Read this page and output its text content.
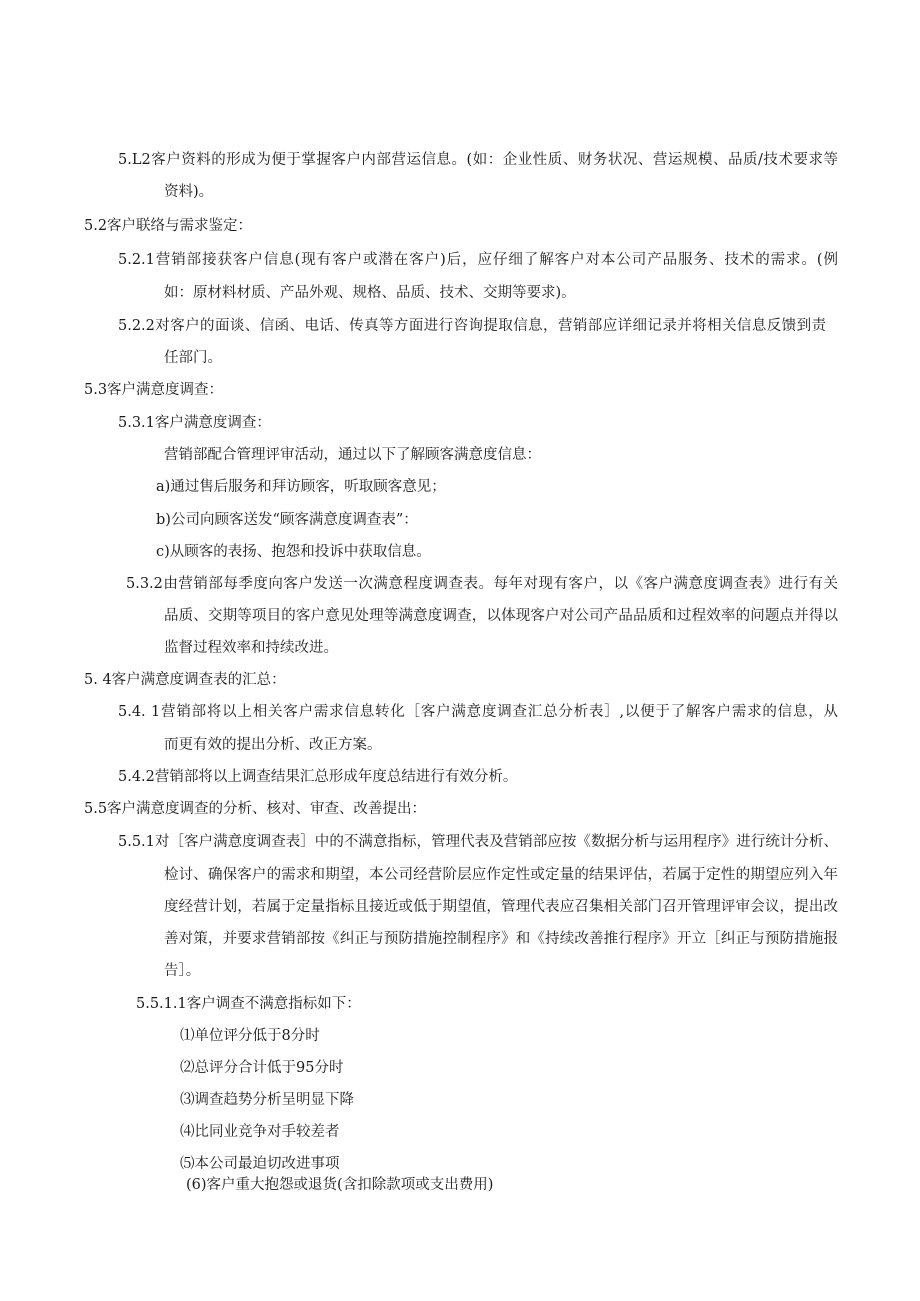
5.L2客户资料的形成为便于掌握客户内部营运信息。(如：企业性质、财务状况、营运规模、品质/技术要求等
资料)。
5.2客户联络与需求鉴定：
5.2.1营销部接获客户信息(现有客户或潜在客户)后，应仔细了解客户对本公司产品服务、技术的需求。(例
如：原材料材质、产品外观、规格、品质、技术、交期等要求)。
5.2.2对客户的面谈、信函、电话、传真等方面进行咨询提取信息，营销部应详细记录并将相关信息反馈到责
任部门。
5.3客户满意度调查：
5.3.1客户满意度调查：
营销部配合管理评审活动，通过以下了解顾客满意度信息：
a)通过售后服务和拜访顾客，听取顾客意见；
b)公司向顾客送发“顾客满意度调查表”：
c)从顾客的表扬、抱怨和投诉中获取信息。
5.3.2由营销部每季度向客户发送一次满意程度调查表。每年对现有客户，以《客户满意度调查表》进行有关
品质、交期等项目的客户意见处理等满意度调查，以体现客户对公司产品品质和过程效率的问题点并得以
监督过程效率和持续改进。
5. 4客户满意度调查表的汇总：
5.4. 1营销部将以上相关客户需求信息转化［客户满意度调查汇总分析表］,以便于了解客户需求的信息，从
而更有效的提出分析、改正方案。
5.4.2营销部将以上调查结果汇总形成年度总结进行有效分析。
5.5客户满意度调查的分析、核对、审查、改善提出：
5.5.1对［客户满意度调查表］中的不满意指标，管理代表及营销部应按《数据分析与运用程序》进行统计分析、
检讨、确保客户的需求和期望，本公司经营阶层应作定性或定量的结果评估，若属于定性的期望应列入年
度经营计划，若属于定量指标且接近或低于期望值，管理代表应召集相关部门召开管理评审会议，提出改
善对策，并要求营销部按《纠正与预防措施控制程序》和《持续改善推行程序》开立［纠正与预防措施报
告］。
5.5.1.1客户调查不满意指标如下：
⑴单位评分低于8分时
⑵总评分合计低于95分时
⑶调查趋势分析呈明显下降
⑷比同业竞争对手较差者
⑸本公司最迫切改进事项
(6)客户重大抱怨或退货(含扣除款项或支出费用)
